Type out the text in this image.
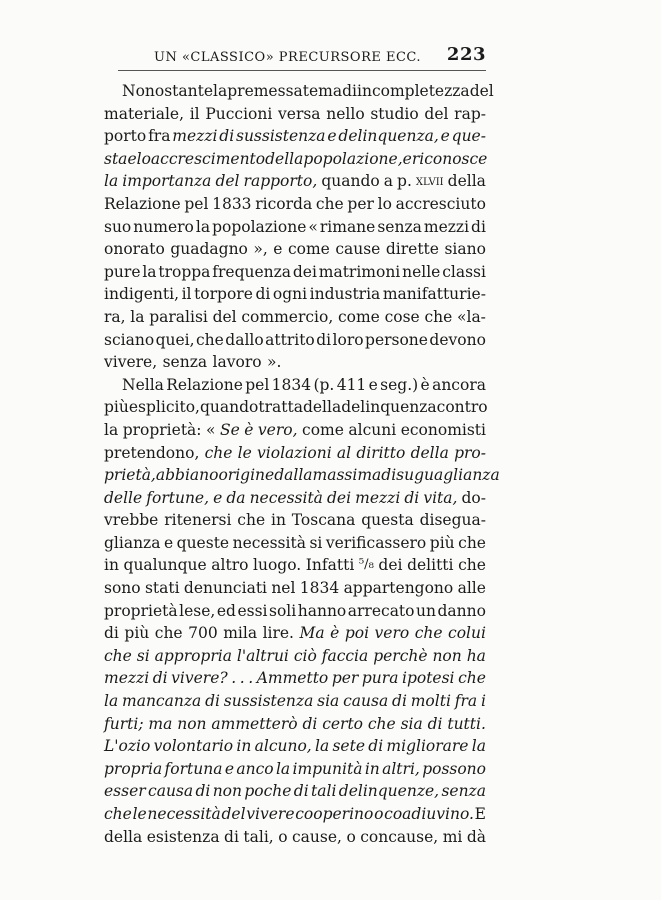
UN «CLASSICO» PRECURSORE ECC. 223
Nonostante la premessa tema di incompletezza del
materiale, il Puccioni versa nello studio del rap-
porto fra mezzi di sussistenza e delinquenza, e que-
sta e lo accrescimento della popolazione, e riconosce
la importanza del rapporto, quando a p. xlvii della
Relazione pel 1833 ricorda che per lo accresciuto
suo numero la popolazione « rimane senza mezzi di
onorato guadagno », e come cause dirette siano
pure la troppa frequenza dei matrimoni nelle classi
indigenti, il torpore di ogni industria manifatturie-
ra, la paralisi del commercio, come cose che «la-
sciano quei, che dallo attrito di loro persone devono
vivere, senza lavoro ».
Nella Relazione pel 1834 (p. 411 e seg.) è ancora
più esplicito, quando tratta della delinquenza contro
la proprietà: « Se è vero, come alcuni economisti
pretendono, che le violazioni al diritto della pro-
prietà, abbiano origine dalla massima disuguaglianza
delle fortune, e da necessità dei mezzi di vita, do-
vrebbe ritenersi che in Toscana questa disegua-
glianza e queste necessità si verificassero più che
in qualunque altro luogo. Infatti ⁵/₈ dei delitti che
sono stati denunciati nel 1834 appartengono alle
proprietà lese, ed essi soli hanno arrecato un danno
di più che 700 mila lire. Ma è poi vero che colui
che si appropria l'altrui ciò faccia perchè non ha
mezzi di vivere? . . . Ammetto per pura ipotesi che
la mancanza di sussistenza sia causa di molti fra i
furti; ma non ammetterò di certo che sia di tutti.
L'ozio volontario in alcuno, la sete di migliorare la
propria fortuna e anco la impunità in altri, possono
esser causa di non poche di tali delinquenze, senza
che le necessità del vivere cooperino o coadiuvino. E
della esistenza di tali, o cause, o concause, mi dà
